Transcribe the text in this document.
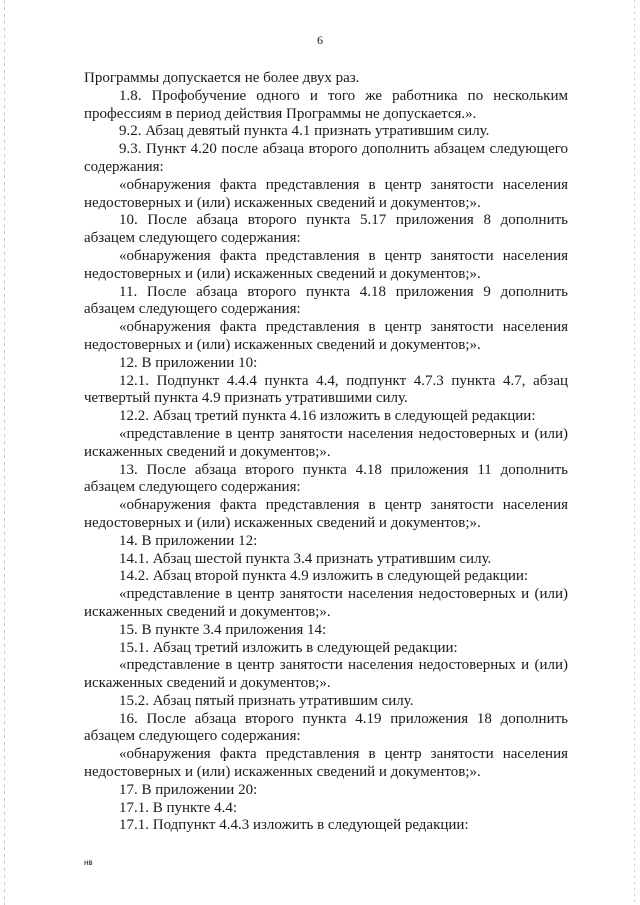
6

Программы допускается не более двух раз.

1.8. Профобучение одного и того же работника по нескольким профессиям в период действия Программы не допускается.».

9.2. Абзац девятый пункта 4.1 признать утратившим силу.

9.3. Пункт 4.20 после абзаца второго дополнить абзацем следующего содержания:

«обнаружения факта представления в центр занятости населения недостоверных и (или) искаженных сведений и документов;».

10. После абзаца второго пункта 5.17 приложения 8 дополнить абзацем следующего содержания:

«обнаружения факта представления в центр занятости населения недостоверных и (или) искаженных сведений и документов;».

11. После абзаца второго пункта 4.18 приложения 9 дополнить абзацем следующего содержания:

«обнаружения факта представления в центр занятости населения недостоверных и (или) искаженных сведений и документов;».

12. В приложении 10:

12.1. Подпункт 4.4.4 пункта 4.4, подпункт 4.7.3 пункта 4.7, абзац четвертый пункта 4.9 признать утратившими силу.

12.2. Абзац третий пункта 4.16 изложить в следующей редакции:

«представление в центр занятости населения недостоверных и (или) искаженных сведений и документов;».

13. После абзаца второго пункта 4.18 приложения 11 дополнить абзацем следующего содержания:

«обнаружения факта представления в центр занятости населения недостоверных и (или) искаженных сведений и документов;».

14. В приложении 12:

14.1. Абзац шестой пункта 3.4 признать утратившим силу.

14.2. Абзац второй пункта 4.9 изложить в следующей редакции:

«представление в центр занятости населения недостоверных и (или) искаженных сведений и документов;».

15. В пункте 3.4 приложения 14:

15.1. Абзац третий изложить в следующей редакции:

«представление в центр занятости населения недостоверных и (или) искаженных сведений и документов;».

15.2. Абзац пятый признать утратившим силу.

16. После абзаца второго пункта 4.19 приложения 18 дополнить абзацем следующего содержания:

«обнаружения факта представления в центр занятости населения недостоверных и (или) искаженных сведений и документов;».

17. В приложении 20:

17.1. В пункте 4.4:

17.1. Подпункт 4.4.3 изложить в следующей редакции:

нв
